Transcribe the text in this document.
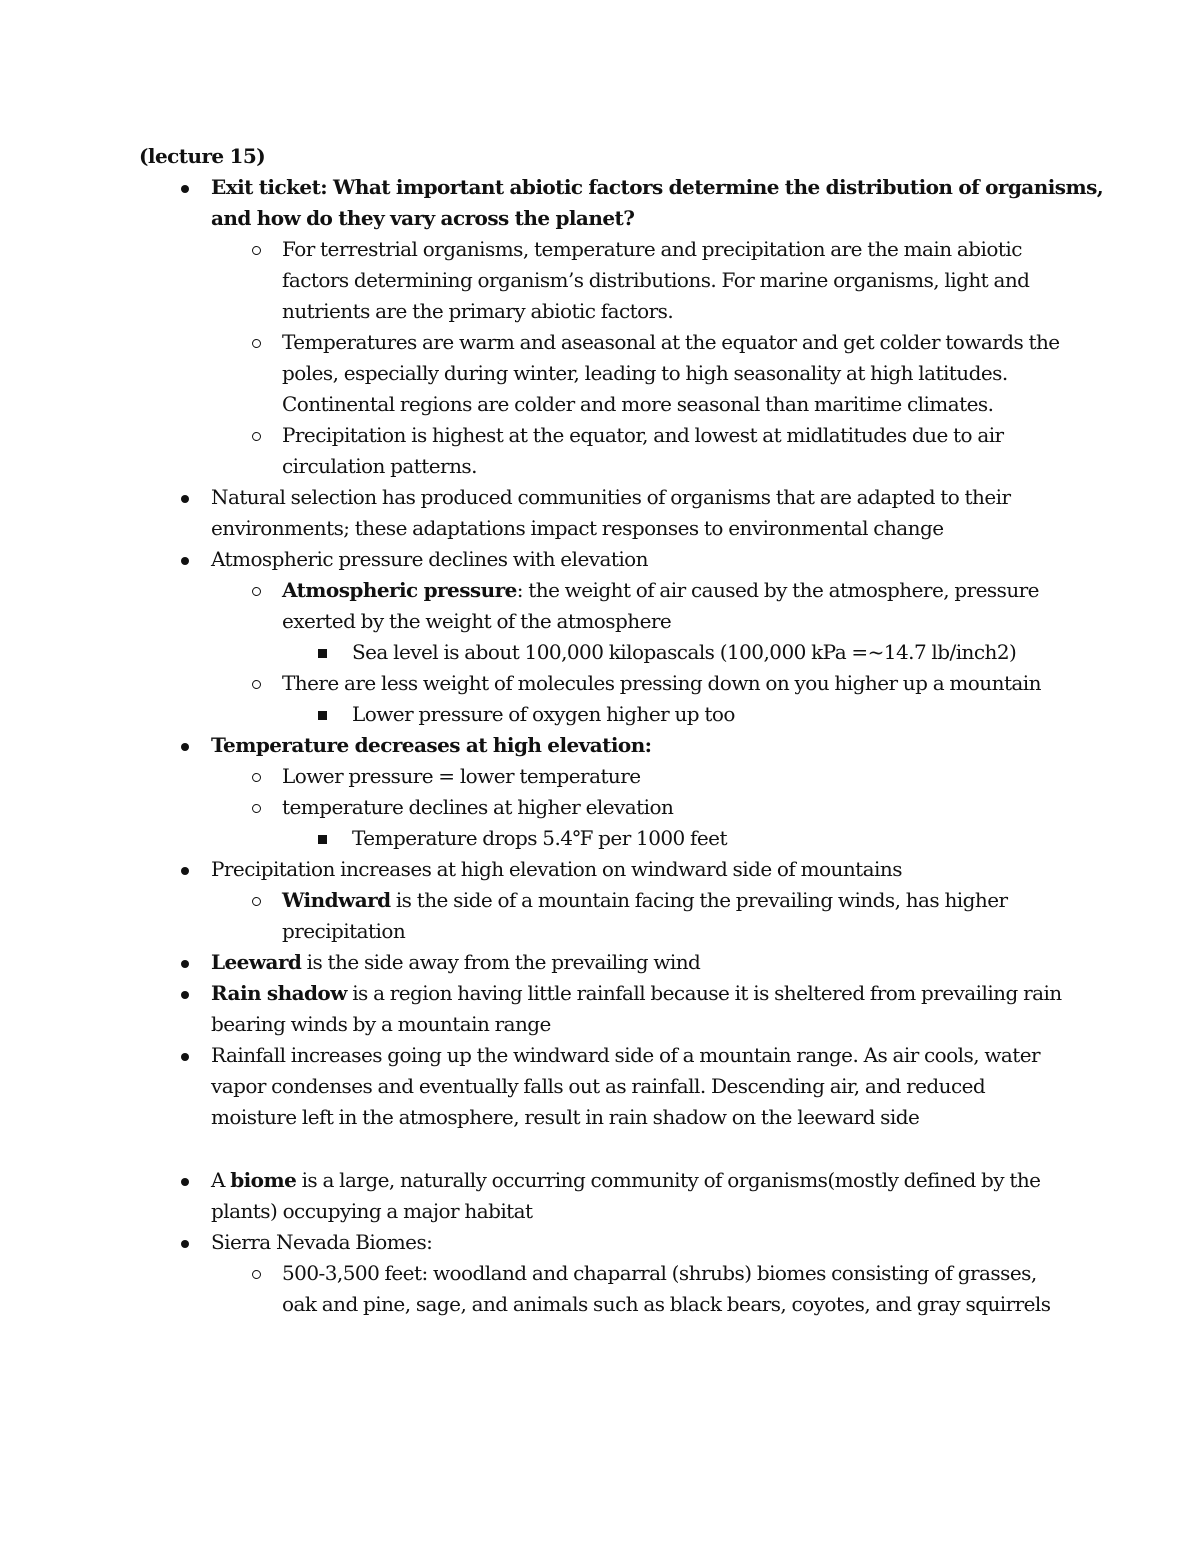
(lecture 15)
Exit ticket: What important abiotic factors determine the distribution of organisms,
and how do they vary across the planet?
For terrestrial organisms, temperature and precipitation are the main abiotic
factors determining organism’s distributions. For marine organisms, light and
nutrients are the primary abiotic factors.
Temperatures are warm and aseasonal at the equator and get colder towards the
poles, especially during winter, leading to high seasonality at high latitudes.
Continental regions are colder and more seasonal than maritime climates.
Precipitation is highest at the equator, and lowest at midlatitudes due to air
circulation patterns.
Natural selection has produced communities of organisms that are adapted to their
environments; these adaptations impact responses to environmental change
Atmospheric pressure declines with elevation
Atmospheric pressure: the weight of air caused by the atmosphere, pressure
exerted by the weight of the atmosphere
Sea level is about 100,000 kilopascals (100,000 kPa =~14.7 lb/inch2)
There are less weight of molecules pressing down on you higher up a mountain
Lower pressure of oxygen higher up too
Temperature decreases at high elevation:
Lower pressure = lower temperature
temperature declines at higher elevation
Temperature drops 5.4℉ per 1000 feet
Precipitation increases at high elevation on windward side of mountains
Windward is the side of a mountain facing the prevailing winds, has higher
precipitation
Leeward is the side away from the prevailing wind
Rain shadow is a region having little rainfall because it is sheltered from prevailing rain
bearing winds by a mountain range
Rainfall increases going up the windward side of a mountain range. As air cools, water
vapor condenses and eventually falls out as rainfall. Descending air, and reduced
moisture left in the atmosphere, result in rain shadow on the leeward side
A biome is a large, naturally occurring community of organisms(mostly defined by the
plants) occupying a major habitat
Sierra Nevada Biomes:
500-3,500 feet: woodland and chaparral (shrubs) biomes consisting of grasses,
oak and pine, sage, and animals such as black bears, coyotes, and gray squirrels
